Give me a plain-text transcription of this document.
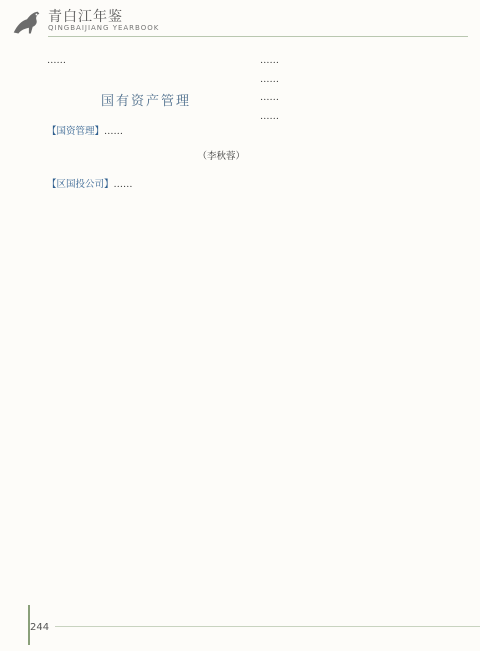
青白江年鉴
QINGBAIJIANG YEARBOOK

……

国有资产管理

【国资管理】……

（李秋蓉）

【区国投公司】……

……

……

……

……

244
